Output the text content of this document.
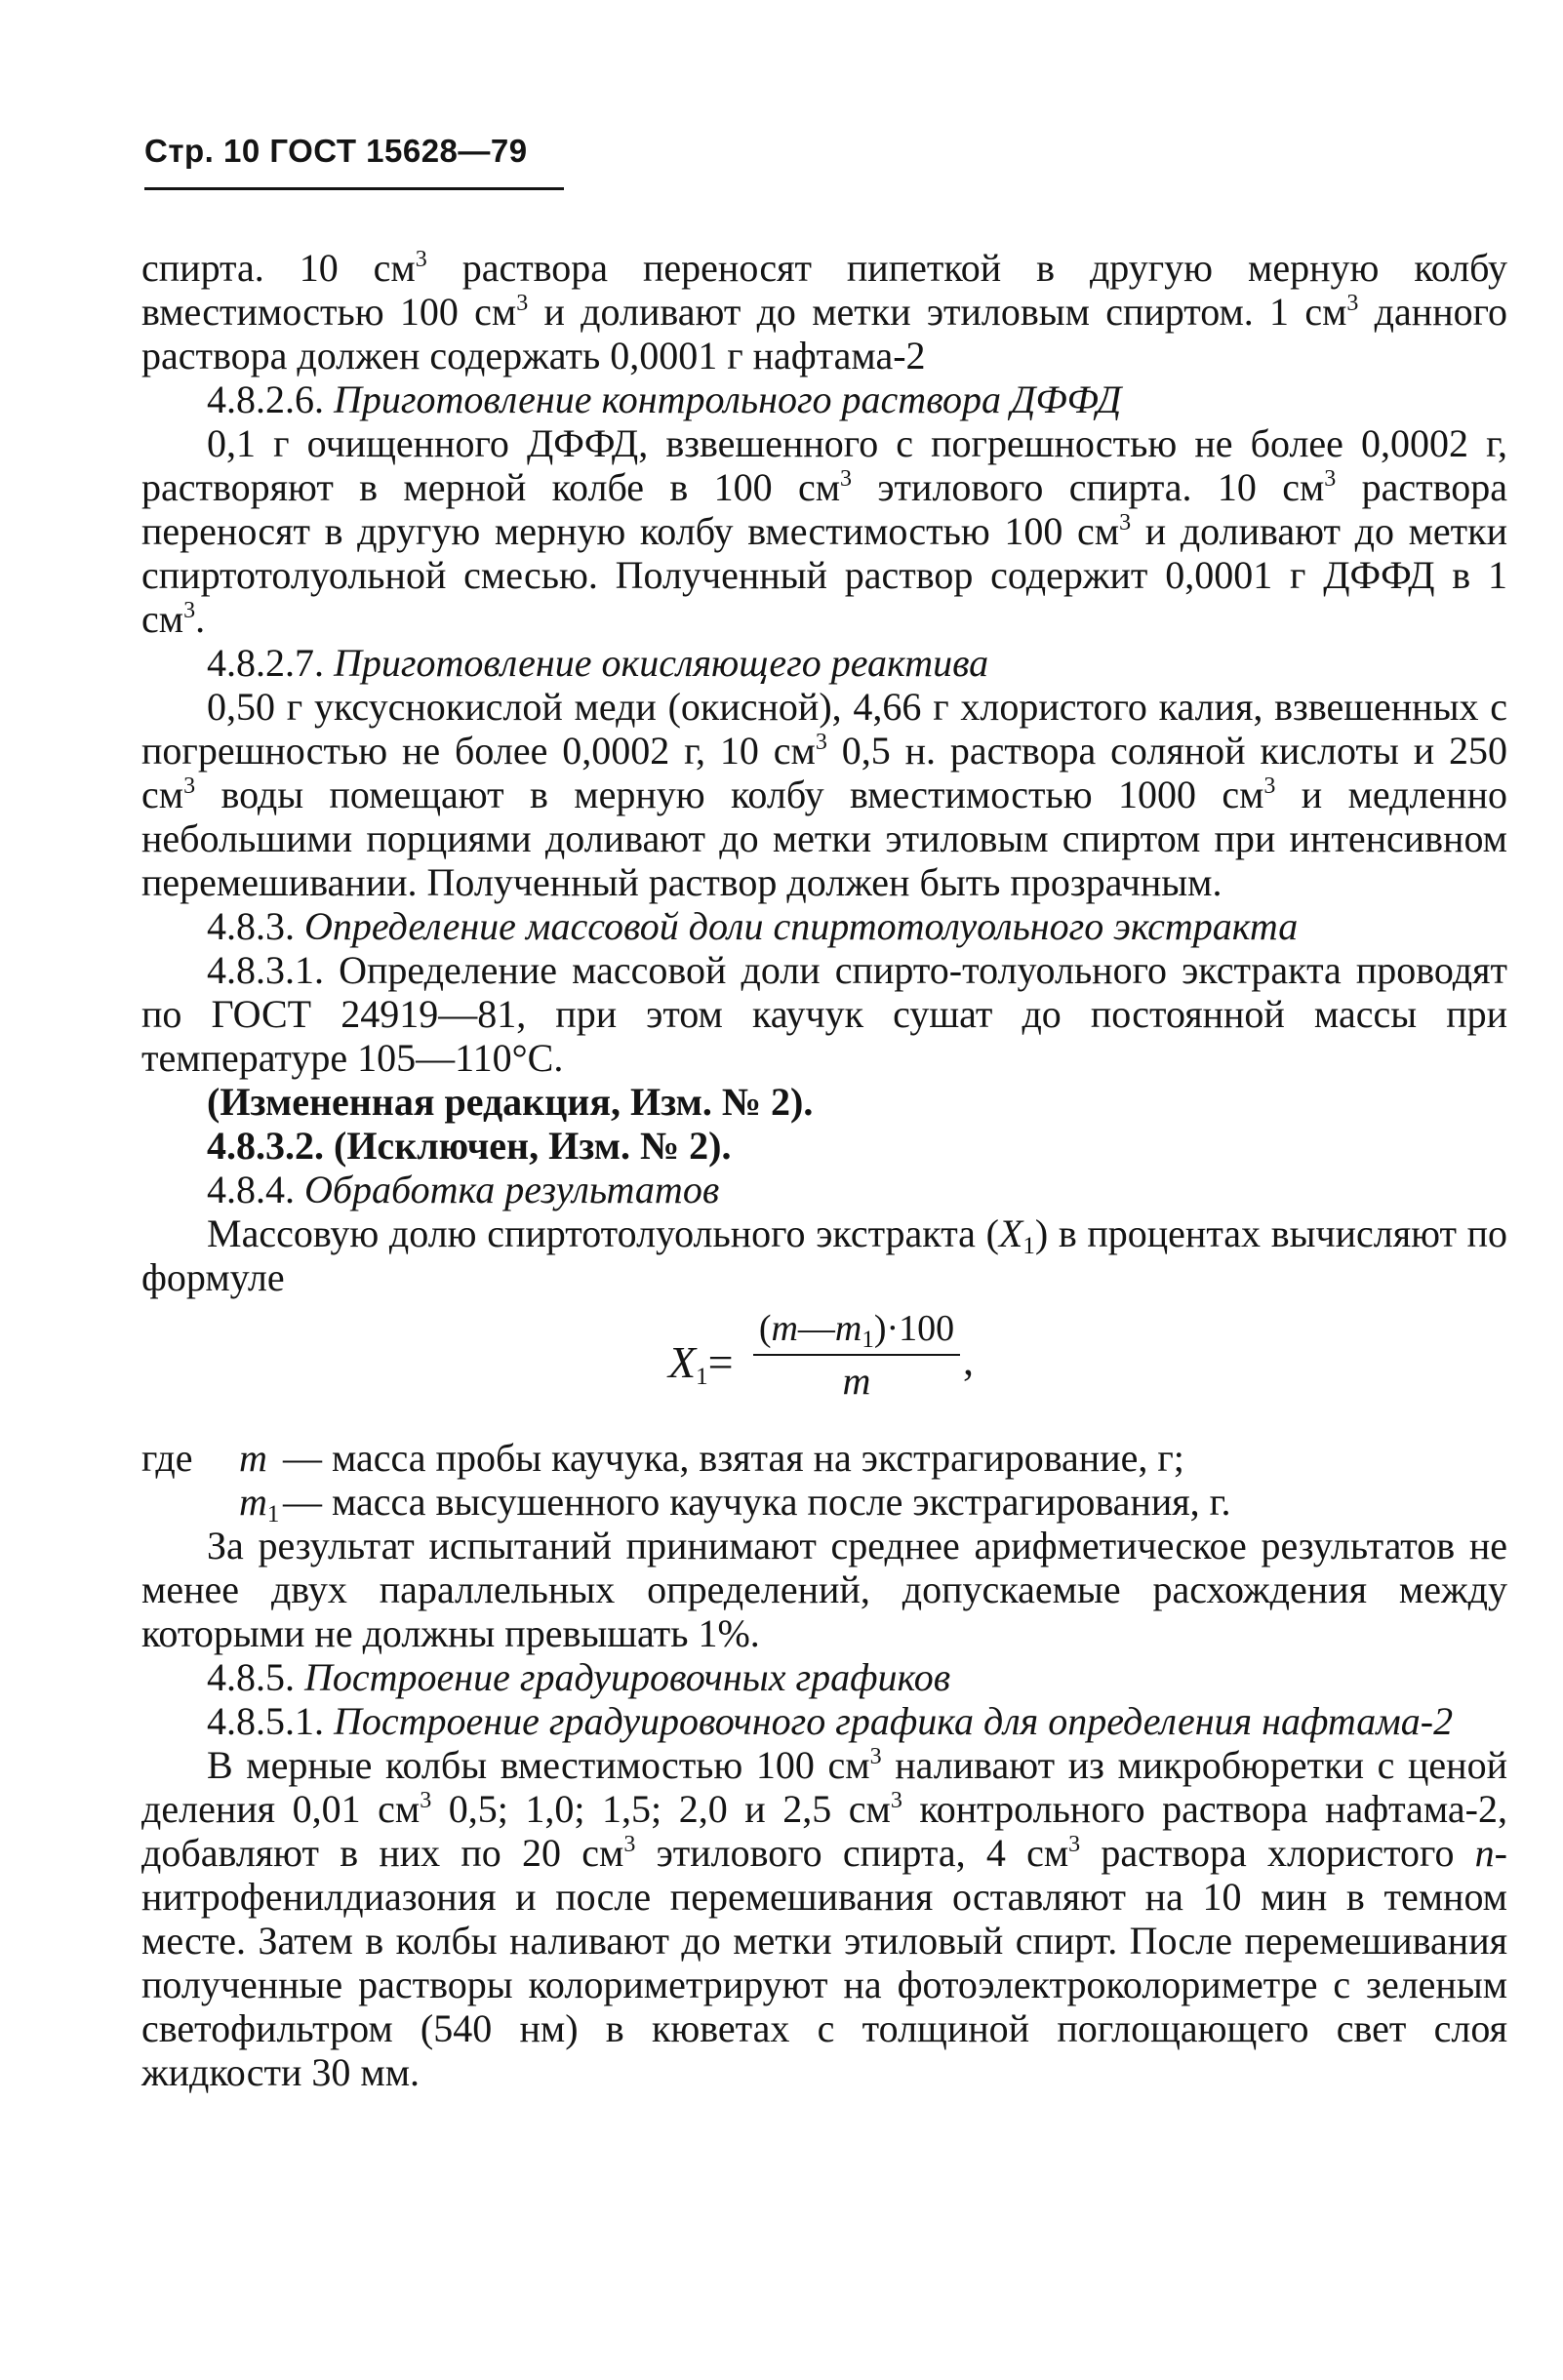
Стр. 10 ГОСТ 15628—79

спирта. 10 $см^3$ раствора переносят пипеткой в другую мерную колбу вместимостью 100 $см^3$ и доливают до метки этиловым спиртом. 1 $см^3$ данного раствора должен содержать 0,0001 г нафтама-2

4.8.2.6. Приготовление контрольного раствора ДФФД

0,1 г очищенного ДФФД, взвешенного с погрешностью не более 0,0002 г, растворяют в мерной колбе в 100 $см^3$ этилового спирта. 10 $см^3$ раствора переносят в другую мерную колбу вместимостью 100 $см^3$ и доливают до метки спиртотолуольной смесью. Полученный раствор содержит 0,0001 г ДФФД в 1 $см^3$.

4.8.2.7. Приготовление окисляющего реактива

0,50 г уксуснокислой меди (окисной), 4,66 г хлористого калия, взвешенных с погрешностью не более 0,0002 г, 10 $см^3$ 0,5 н. раствора соляной кислоты и 250 $см^3$ воды помещают в мерную колбу вместимостью 1000 $см^3$ и медленно небольшими порциями доливают до метки этиловым спиртом при интенсивном перемешивании. Полученный раствор должен быть прозрачным.

4.8.3. Определение массовой доли спиртотолуольного экстракта

4.8.3.1. Определение массовой доли спирто-толуольного экстракта проводят по ГОСТ 24919—81, при этом каучук сушат до постоянной массы при температуре 105—110°С.

(Измененная редакция, Изм. № 2).

4.8.3.2. (Исключен, Изм. № 2).

4.8.4. Обработка результатов

Массовую долю спиртотолуольного экстракта $(X_1)$ в процентах вычисляют по формуле

$X_1=$
$(m—m_1)\cdot 100$
m	,
где m — масса пробы каучука, взятая на экстрагирование, г;
$m_1$ — масса высушенного каучука после экстрагирования, г.

За результат испытаний принимают среднее арифметическое результатов не менее двух параллельных определений, допускаемые расхождения между которыми не должны превышать 1%.

4.8.5. Построение градуировочных графиков

4.8.5.1. Построение градуировочного графика для определения нафтама-2

В мерные колбы вместимостью 100 $см^3$ наливают из микробюретки с ценой деления 0,01 $см^3$ 0,5; 1,0; 1,5; 2,0 и 2,5 $см^3$ контрольного раствора нафтама-2, добавляют в них по 20 $см^3$ этилового спирта, 4 $см^3$ раствора хлористого n-нитрофенилдиазония и после перемешивания оставляют на 10 мин в темном месте. Затем в колбы наливают до метки этиловый спирт. После перемешивания полученные растворы колориметрируют на фотоэлектроколориметре с зеленым светофильтром (540 нм) в кюветах с толщиной поглощающего свет слоя жидкости 30 мм.
